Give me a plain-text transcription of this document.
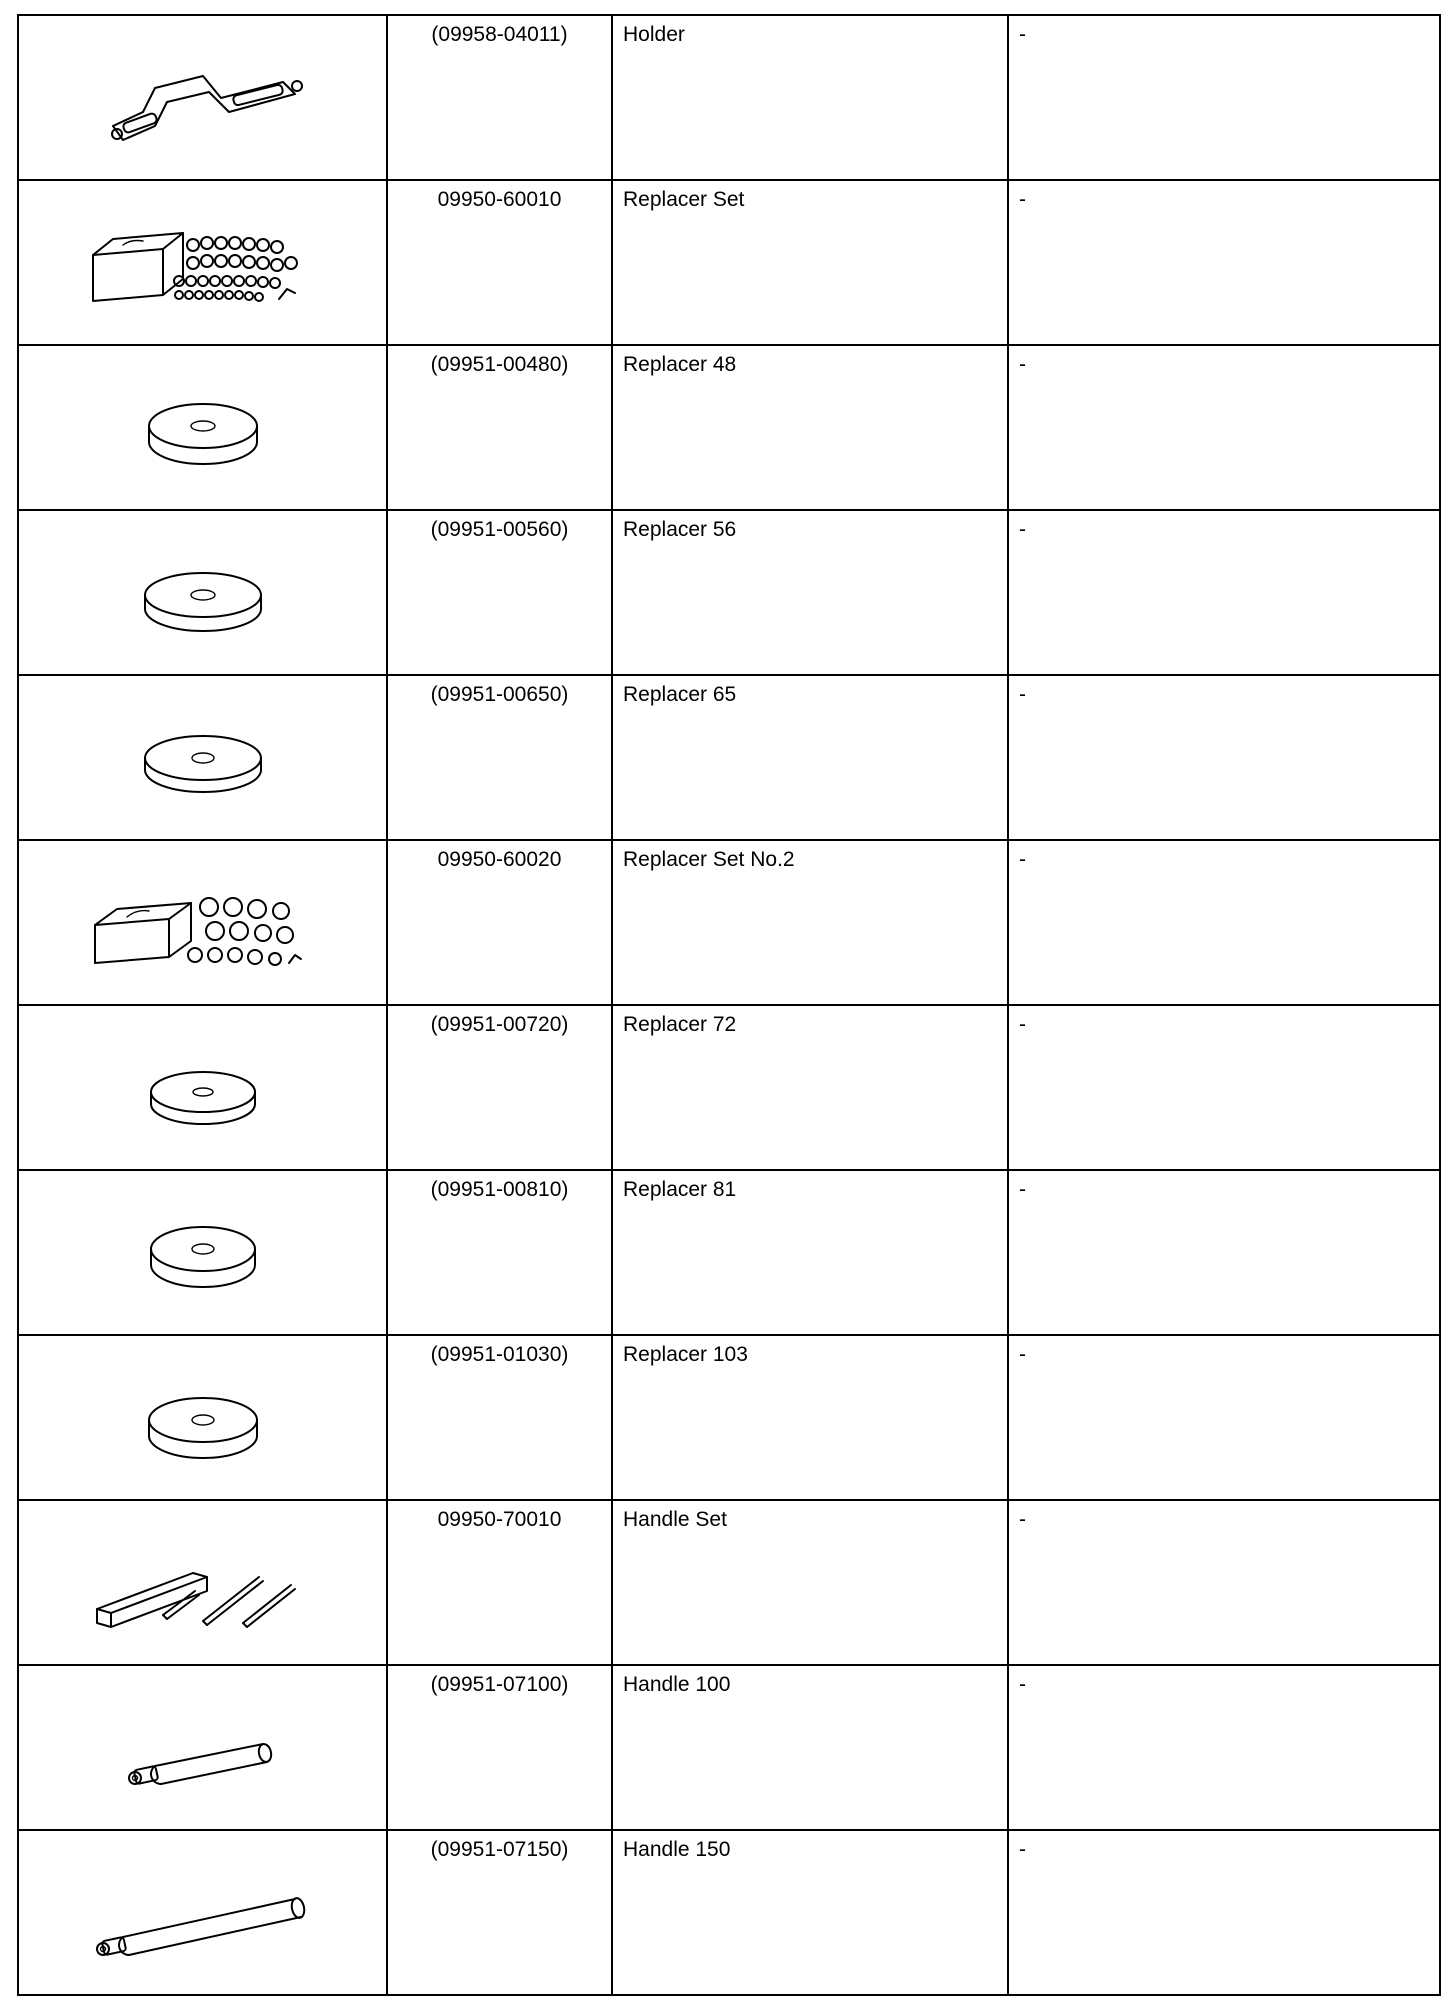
	(09958-04011)	Holder	-
	09950-60010	Replacer Set	-
	(09951-00480)	Replacer 48	-
	(09951-00560)	Replacer 56	-
	(09951-00650)	Replacer 65	-
	09950-60020	Replacer Set No.2	-
	(09951-00720)	Replacer 72	-
	(09951-00810)	Replacer 81	-
	(09951-01030)	Replacer 103	-
	09950-70010	Handle Set	-
	(09951-07100)	Handle 100	-
	(09951-07150)	Handle 150	-
